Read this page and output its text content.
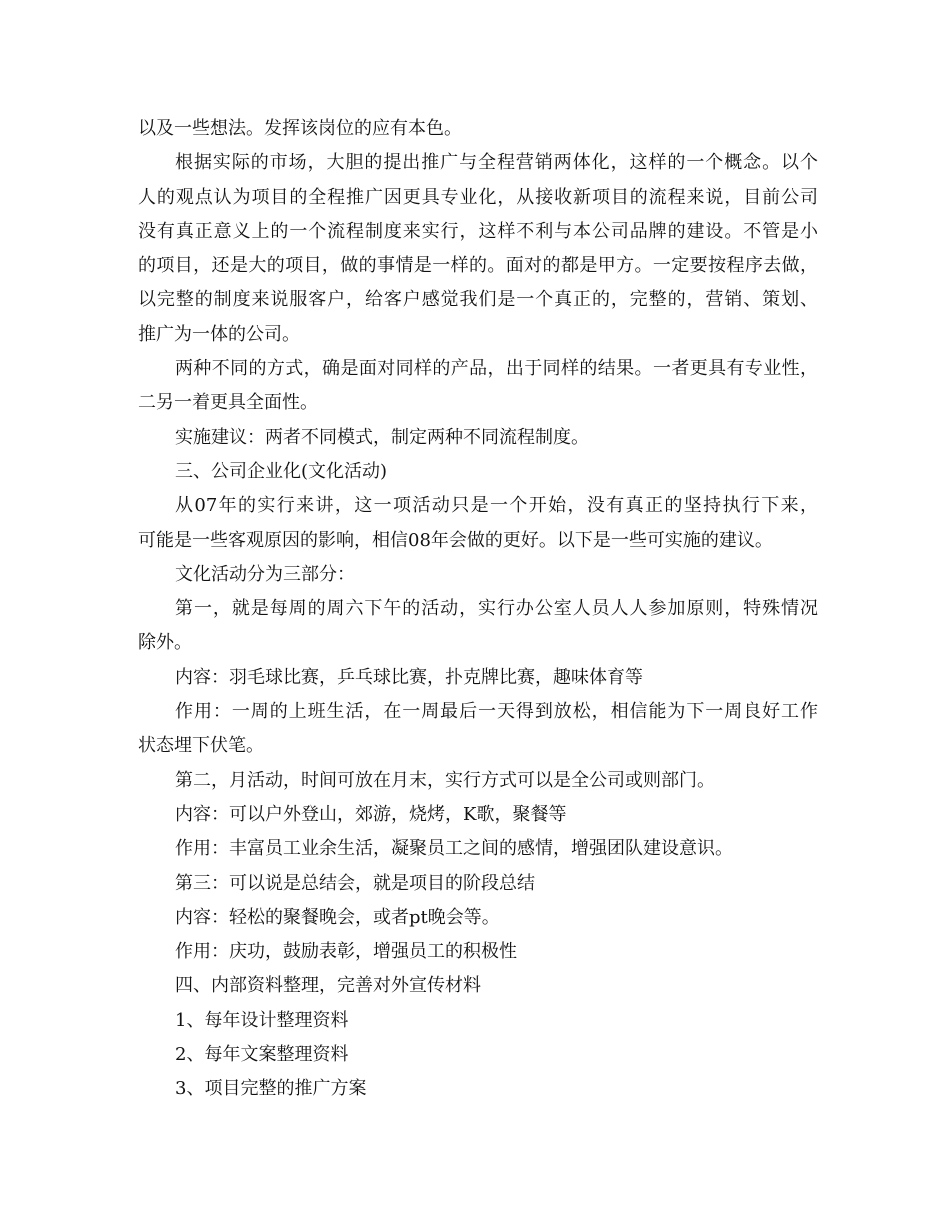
以及一些想法。发挥该岗位的应有本色。
根据实际的市场，大胆的提出推广与全程营销两体化，这样的一个概念。以个
人的观点认为项目的全程推广因更具专业化，从接收新项目的流程来说，目前公司
没有真正意义上的一个流程制度来实行，这样不利与本公司品牌的建设。不管是小
的项目，还是大的项目，做的事情是一样的。面对的都是甲方。一定要按程序去做，
以完整的制度来说服客户，给客户感觉我们是一个真正的，完整的，营销、策划、
推广为一体的公司。
两种不同的方式，确是面对同样的产品，出于同样的结果。一者更具有专业性，
二另一着更具全面性。
实施建议：两者不同模式，制定两种不同流程制度。
三、公司企业化(文化活动)
从07年的实行来讲，这一项活动只是一个开始，没有真正的坚持执行下来，
可能是一些客观原因的影响，相信08年会做的更好。以下是一些可实施的建议。
文化活动分为三部分：
第一，就是每周的周六下午的活动，实行办公室人员人人参加原则，特殊情况
除外。
内容：羽毛球比赛，乒乓球比赛，扑克牌比赛，趣味体育等
作用：一周的上班生活，在一周最后一天得到放松，相信能为下一周良好工作
状态埋下伏笔。
第二，月活动，时间可放在月末，实行方式可以是全公司或则部门。
内容：可以户外登山，郊游，烧烤，K歌，聚餐等
作用：丰富员工业余生活，凝聚员工之间的感情，增强团队建设意识。
第三：可以说是总结会，就是项目的阶段总结
内容：轻松的聚餐晚会，或者pt晚会等。
作用：庆功，鼓励表彰，增强员工的积极性
四、内部资料整理，完善对外宣传材料
1、每年设计整理资料
2、每年文案整理资料
3、项目完整的推广方案
